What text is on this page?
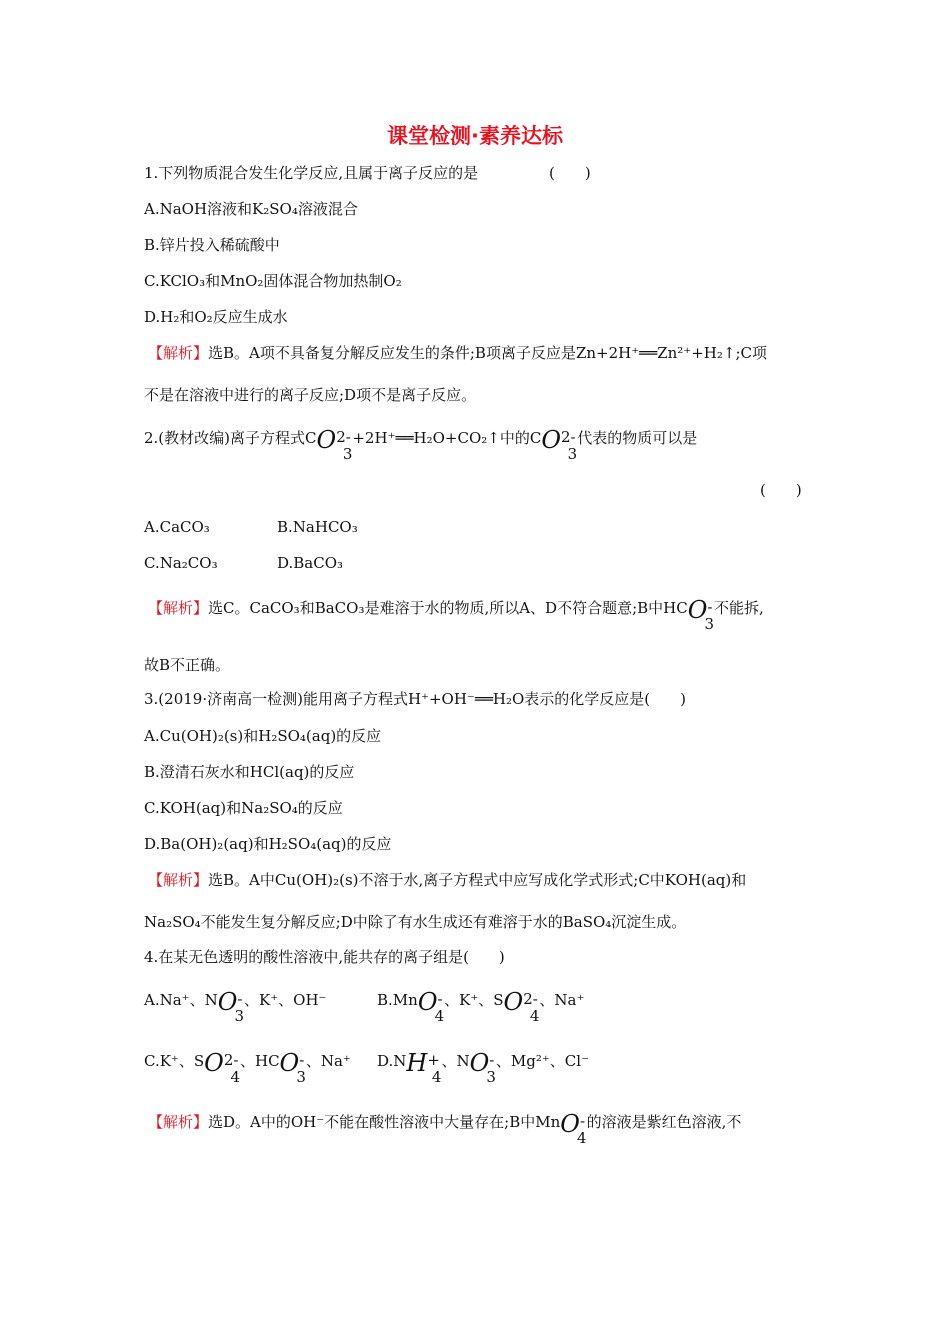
课堂检测·素养达标
1.下列物质混合发生化学反应,且属于离子反应的是	(　　)
A.NaOH溶液和K₂SO₄溶液混合
B.锌片投入稀硫酸中
C.KClO₃和MnO₂固体混合物加热制O₂
D.H₂和O₂反应生成水
【解析】选B。A项不具备复分解反应发生的条件;B项离子反应是Zn+2H⁺══Zn²⁺+H₂↑;C项
不是在溶液中进行的离子反应;D项不是离子反应。
2.(教材改编)离子方程式$CO^{2-}_3+2H^+══H_2O+CO_2↑$中的$CO^{2-}_3$代表的物质可以是
(　　)
A.CaCO₃	B.NaHCO₃
C.Na₂CO₃	D.BaCO₃
【解析】选C。CaCO₃和BaCO₃是难溶于水的物质,所以A、D不符合题意;B中$HCO^-_3$不能拆,
故B不正确。
3.(2019·济南高一检测)能用离子方程式H⁺+OH⁻══H₂O表示的化学反应是(　　)
A.Cu(OH)₂(s)和H₂SO₄(aq)的反应
B.澄清石灰水和HCl(aq)的反应
C.KOH(aq)和Na₂SO₄的反应
D.Ba(OH)₂(aq)和H₂SO₄(aq)的反应
【解析】选B。A中Cu(OH)₂(s)不溶于水,离子方程式中应写成化学式形式;C中KOH(aq)和
Na₂SO₄不能发生复分解反应;D中除了有水生成还有难溶于水的BaSO₄沉淀生成。
4.在某无色透明的酸性溶液中,能共存的离子组是(　　)
A.Na⁺、$NO^-_3$、K⁺、OH⁻	B.MnO-$_4$、K⁺、$SO^{2-}_4$、Na⁺
C.K⁺、$SO^{2-}_4$、$HCO^-_3$、Na⁺ $D.NH^+_4$、$NO^-_3$、Mg²⁺、Cl⁻
【解析】选D。A中的OH⁻不能在酸性溶液中大量存在;B中MnO-$_4$的溶液是紫红色溶液,不
